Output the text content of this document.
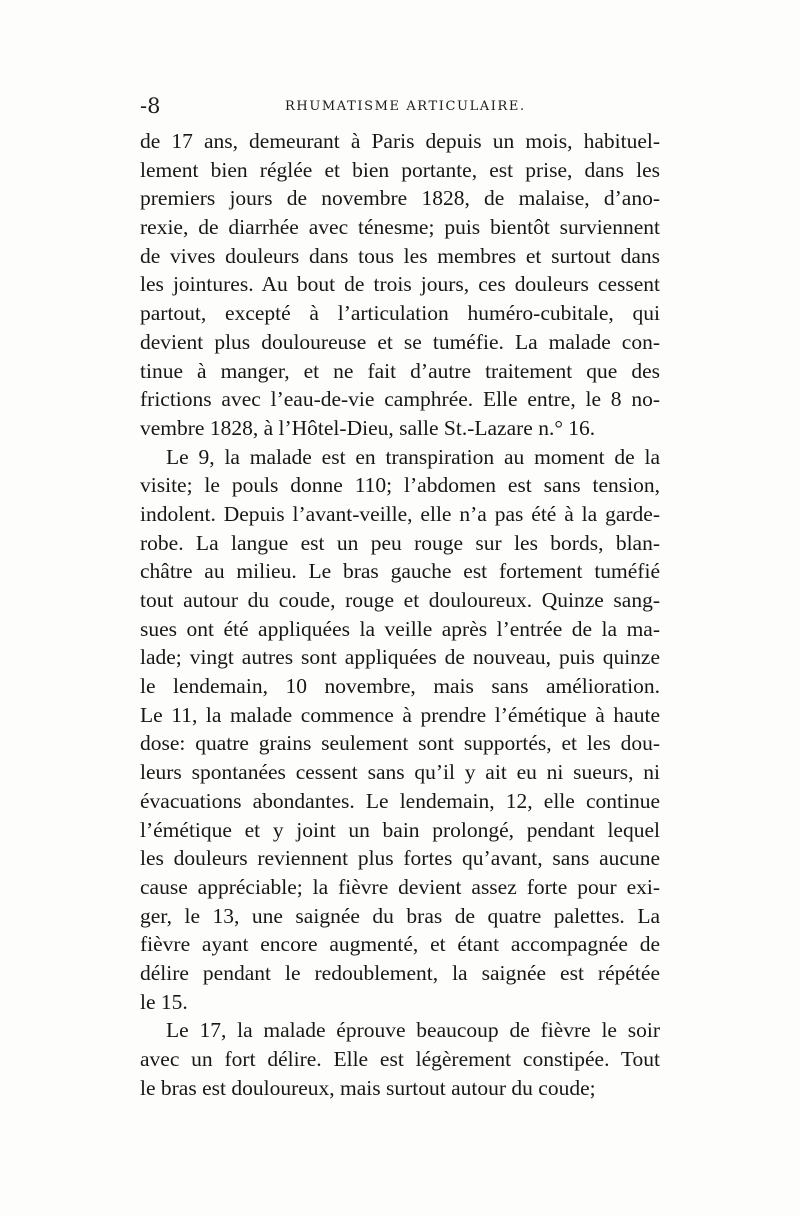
-8	RHUMATISME ARTICULAIRE.
de 17 ans, demeurant à Paris depuis un mois, habituel-
lement bien réglée et bien portante, est prise, dans les
premiers jours de novembre 1828, de malaise, d’ano-
rexie, de diarrhée avec ténesme; puis bientôt surviennent
de vives douleurs dans tous les membres et surtout dans
les jointures. Au bout de trois jours, ces douleurs cessent
partout, excepté à l’articulation huméro-cubitale, qui
devient plus douloureuse et se tuméfie. La malade con-
tinue à manger, et ne fait d’autre traitement que des
frictions avec l’eau-de-vie camphrée. Elle entre, le 8 no-
vembre 1828, à l’Hôtel-Dieu, salle St.-Lazare n.° 16.
Le 9, la malade est en transpiration au moment de la
visite; le pouls donne 110; l’abdomen est sans tension,
indolent. Depuis l’avant-veille, elle n’a pas été à la garde-
robe. La langue est un peu rouge sur les bords, blan-
châtre au milieu. Le bras gauche est fortement tuméfié
tout autour du coude, rouge et douloureux. Quinze sang-
sues ont été appliquées la veille après l’entrée de la ma-
lade; vingt autres sont appliquées de nouveau, puis quinze
le lendemain, 10 novembre, mais sans amélioration.
Le 11, la malade commence à prendre l’émétique à haute
dose: quatre grains seulement sont supportés, et les dou-
leurs spontanées cessent sans qu’il y ait eu ni sueurs, ni
évacuations abondantes. Le lendemain, 12, elle continue
l’émétique et y joint un bain prolongé, pendant lequel
les douleurs reviennent plus fortes qu’avant, sans aucune
cause appréciable; la fièvre devient assez forte pour exi-
ger, le 13, une saignée du bras de quatre palettes. La
fièvre ayant encore augmenté, et étant accompagnée de
délire pendant le redoublement, la saignée est répétée
le 15.
Le 17, la malade éprouve beaucoup de fièvre le soir
avec un fort délire. Elle est légèrement constipée. Tout
le bras est douloureux, mais surtout autour du coude;
